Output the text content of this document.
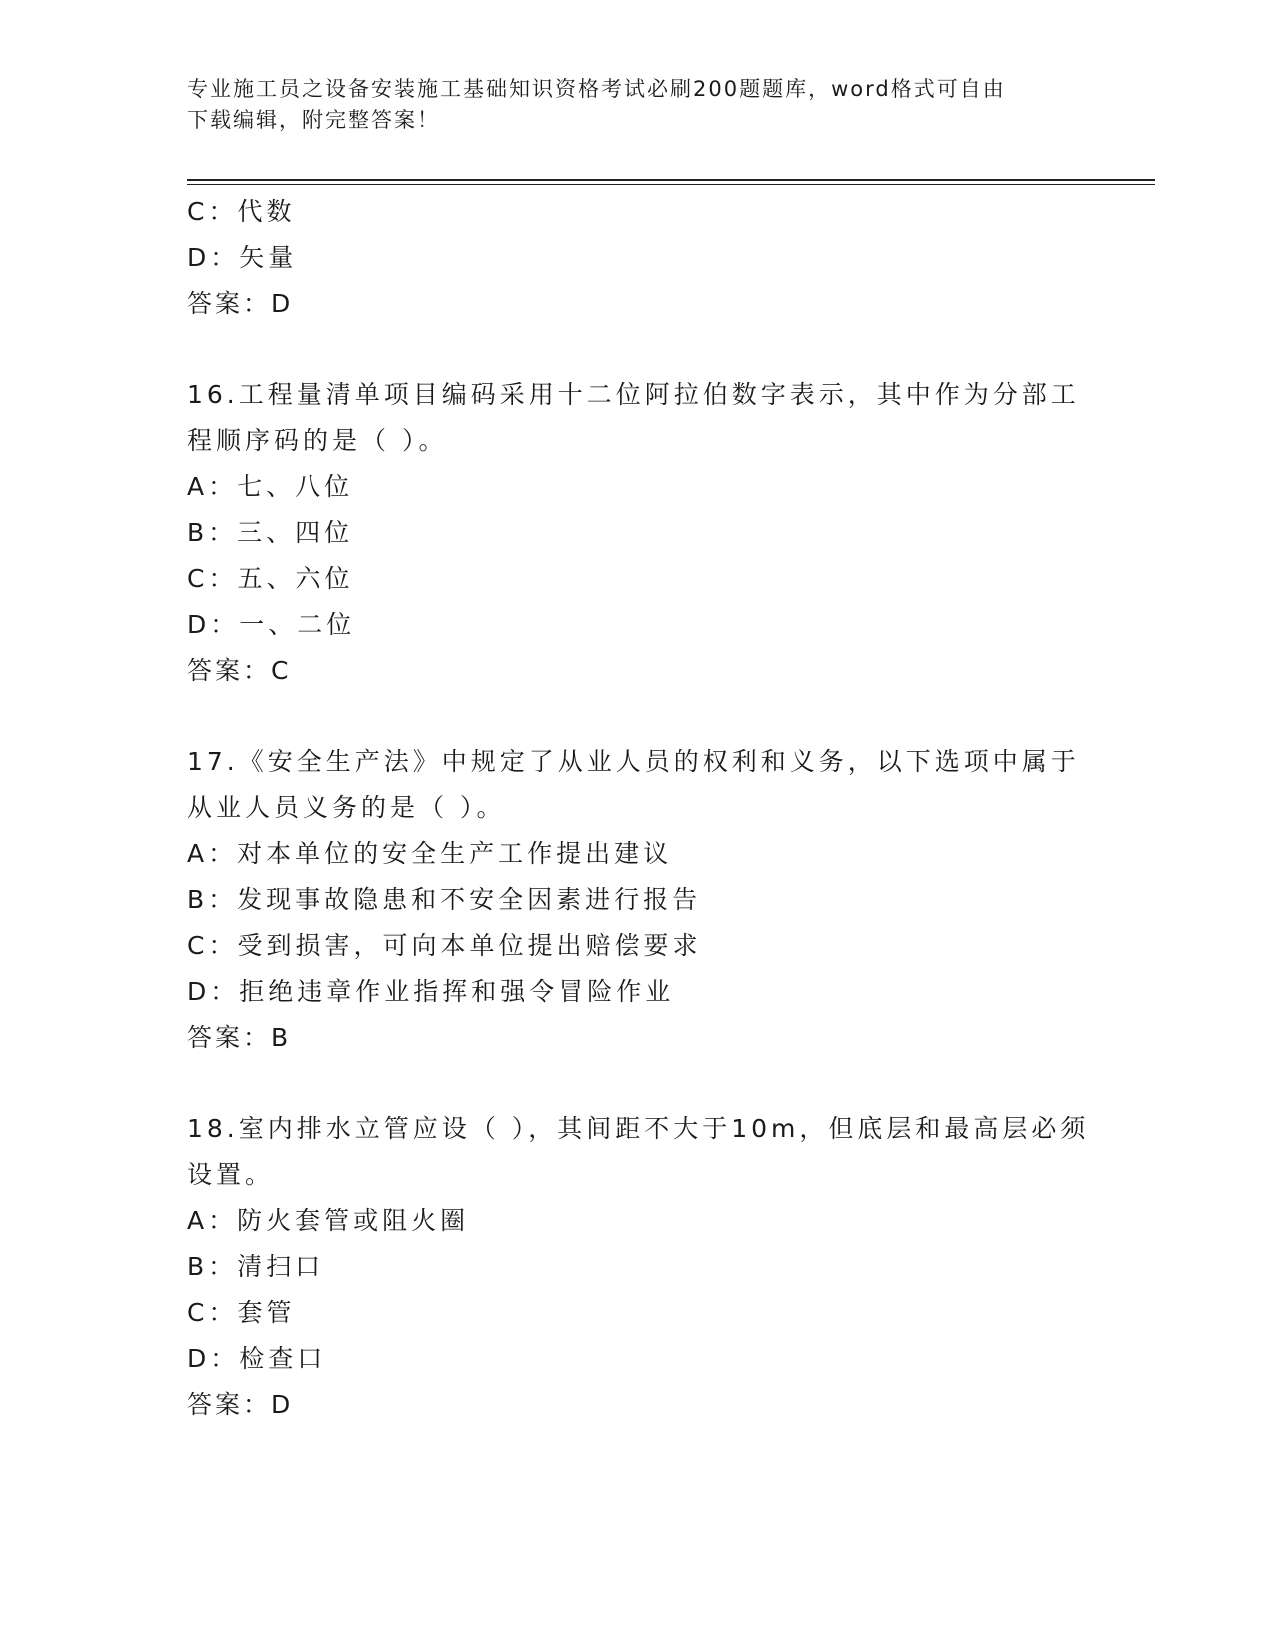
专业施工员之设备安装施工基础知识资格考试必刷200题题库，word格式可自由
下载编辑，附完整答案！
C：代数
D：矢量
答案：D
16.工程量清单项目编码采用十二位阿拉伯数字表示，其中作为分部工
程顺序码的是（ ）。
A：七、八位
B：三、四位
C：五、六位
D：一、二位
答案：C
17.《安全生产法》中规定了从业人员的权利和义务，以下选项中属于
从业人员义务的是（ ）。
A：对本单位的安全生产工作提出建议
B：发现事故隐患和不安全因素进行报告
C：受到损害，可向本单位提出赔偿要求
D：拒绝违章作业指挥和强令冒险作业
答案：B
18.室内排水立管应设（ ），其间距不大于10m，但底层和最高层必须
设置。
A：防火套管或阻火圈
B：清扫口
C：套管
D：检查口
答案：D
